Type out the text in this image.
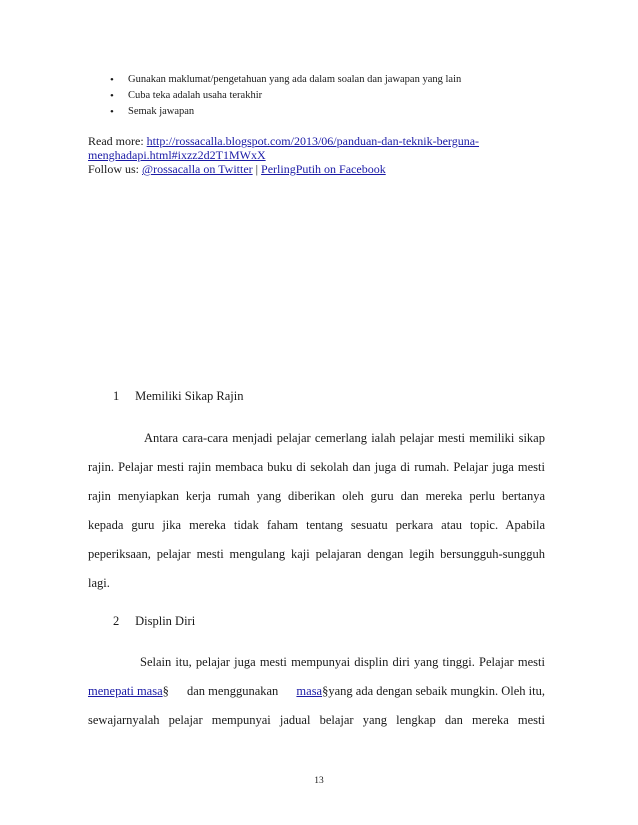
• Gunakan maklumat/pengetahuan yang ada dalam soalan dan jawapan yang lain
• Cuba teka adalah usaha terakhir
• Semak jawapan
Read more: http://rossacalla.blogspot.com/2013/06/panduan-dan-teknik-berguna-
menghadapi.html#ixzz2d2T1MWxX
Follow us: @rossacalla on Twitter | PerlingPutih on Facebook
1 Memiliki Sikap Rajin
Antara cara-cara menjadi pelajar cemerlang ialah pelajar mesti memiliki sikap
rajin. Pelajar mesti rajin membaca buku di sekolah dan juga di rumah. Pelajar juga mesti
rajin menyiapkan kerja rumah yang diberikan oleh guru dan mereka perlu bertanya
kepada guru jika mereka tidak faham tentang sesuatu perkara atau topic. Apabila
peperiksaan, pelajar mesti mengulang kaji pelajaran dengan legih bersungguh-sungguh
lagi.
2 Displin Diri
Selain itu, pelajar juga mesti mempunyai displin diri yang tinggi. Pelajar mesti
menepati masa§ dan menggunakan masa§yang ada dengan sebaik mungkin. Oleh itu,
sewajarnyalah pelajar mempunyai jadual belajar yang lengkap dan mereka mesti
13
